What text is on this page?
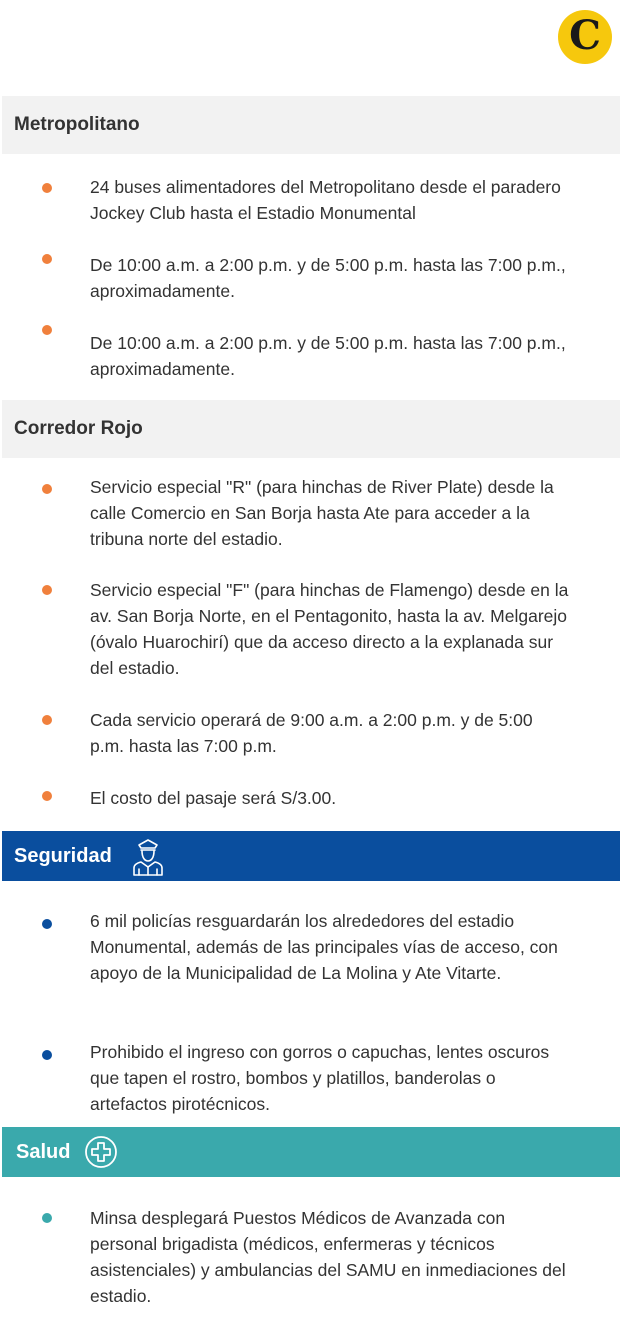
C
Metropolitano
24 buses alimentadores del Metropolitano desde el paradero Jockey Club hasta el Estadio Monumental
De 10:00 a.m. a 2:00 p.m. y de 5:00 p.m. hasta las 7:00 p.m., aproximadamente.
De 10:00 a.m. a 2:00 p.m. y de 5:00 p.m. hasta las 7:00 p.m., aproximadamente.
Corredor Rojo
Servicio especial "R" (para hinchas de River Plate) desde la calle Comercio en San Borja hasta Ate para acceder a la tribuna norte del estadio.
Servicio especial "F" (para hinchas de Flamengo) desde en la av. San Borja Norte, en el Pentagonito, hasta la av. Melgarejo (óvalo Huarochirí) que da acceso directo a la explanada sur del estadio.
Cada servicio operará de 9:00 a.m. a 2:00 p.m. y de 5:00 p.m. hasta las 7:00 p.m.
El costo del pasaje será S/3.00.
Seguridad
6 mil policías resguardarán los alrededores del estadio Monumental, además de las principales vías de acceso, con apoyo de la Municipalidad de La Molina y Ate Vitarte.
Prohibido el ingreso con gorros o capuchas, lentes oscuros que tapen el rostro, bombos y platillos, banderolas o artefactos pirotécnicos.
Salud
Minsa desplegará Puestos Médicos de Avanzada con personal brigadista (médicos, enfermeras y técnicos asistenciales) y ambulancias del SAMU en inmediaciones del estadio.
